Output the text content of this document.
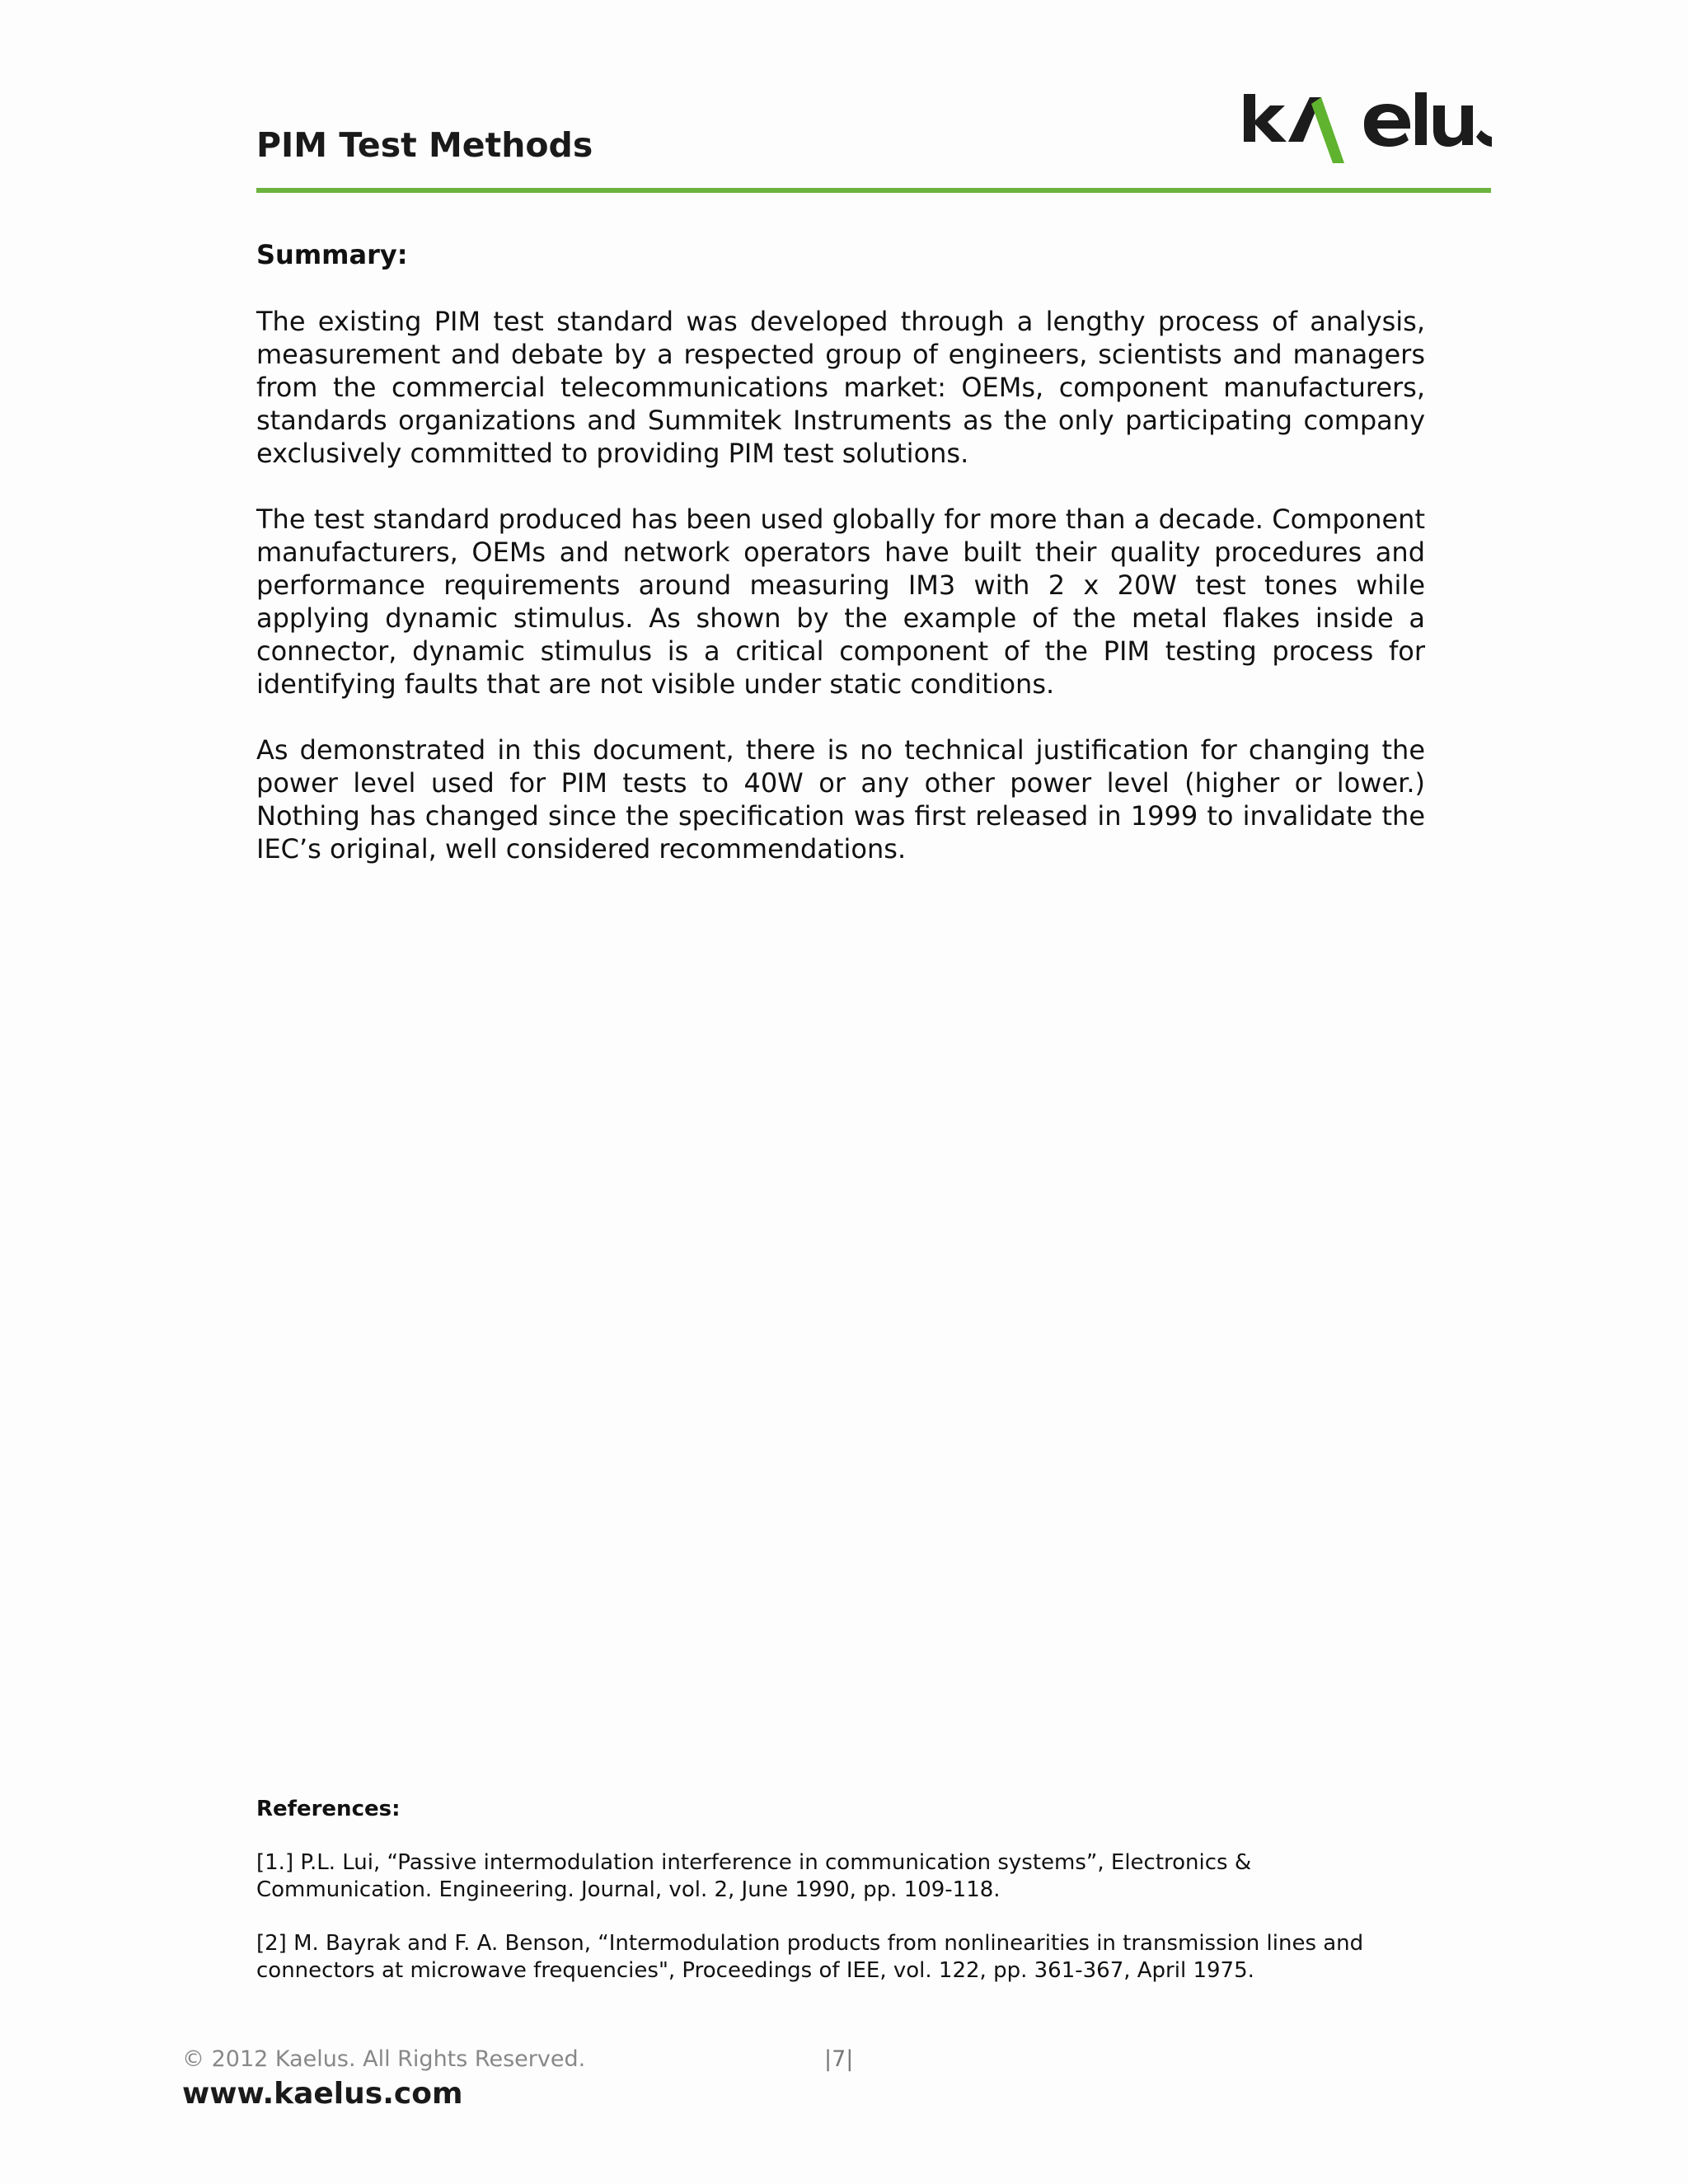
PIM Test Methods
Summary:

The existing PIM test standard was developed through a lengthy process of analysis, measurement and debate by a respected group of engineers, scientists and managers from the commercial telecommunications market: OEMs, component manufacturers, standards organizations and Summitek Instruments as the only participating company exclusively committed to providing PIM test solutions.

The test standard produced has been used globally for more than a decade. Component manufacturers, OEMs and network operators have built their quality procedures and performance requirements around measuring IM3 with 2 x 20W test tones while applying dynamic stimulus. As shown by the example of the metal flakes inside a connector, dynamic stimulus is a critical component of the PIM testing process for identifying faults that are not visible under static conditions.

As demonstrated in this document, there is no technical justification for changing the power level used for PIM tests to 40W or any other power level (higher or lower.) Nothing has changed since the specification was first released in 1999 to invalidate the IEC’s original, well considered recommendations.

References:

[1.] P.L. Lui, “Passive intermodulation interference in communication systems”, Electronics & Communication. Engineering. Journal, vol. 2, June 1990, pp. 109-118.

[2] M. Bayrak and F. A. Benson, “Intermodulation products from nonlinearities in transmission lines and connectors at microwave frequencies", Proceedings of IEE, vol. 122, pp. 361-367, April 1975.

© 2012 Kaelus. All Rights Reserved.	|7|
www.kaelus.com
